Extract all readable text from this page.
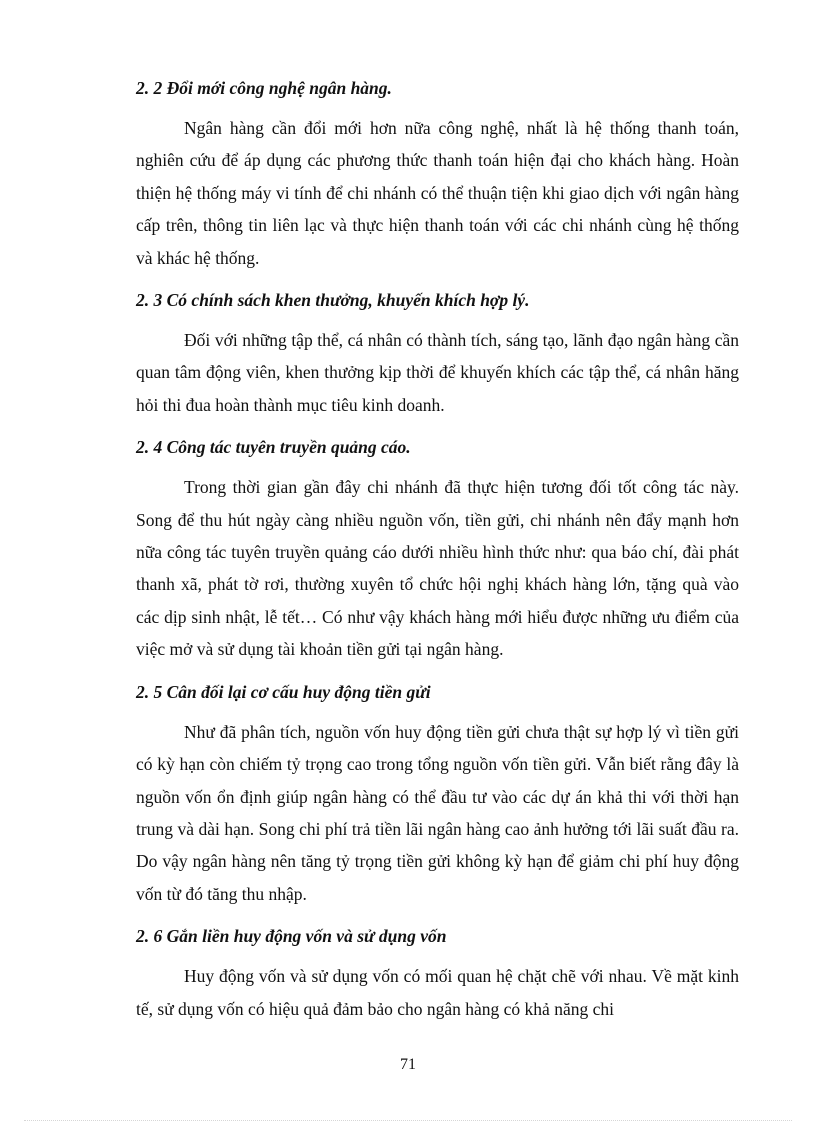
2. 2 Đổi mới công nghệ ngân hàng.

Ngân hàng cần đổi mới hơn nữa công nghệ, nhất là hệ thống thanh toán, nghiên cứu để áp dụng các phương thức thanh toán hiện đại cho khách hàng. Hoàn thiện hệ thống máy vi tính để chi nhánh có thể thuận tiện khi giao dịch với ngân hàng cấp trên, thông tin liên lạc và thực hiện thanh toán với các chi nhánh cùng hệ thống và khác hệ thống.

2. 3 Có chính sách khen thưởng, khuyến khích hợp lý.

Đối với những tập thể, cá nhân có thành tích, sáng tạo, lãnh đạo ngân hàng cần quan tâm động viên, khen thưởng kịp thời để khuyến khích các tập thể, cá nhân hăng hỏi thi đua hoàn thành mục tiêu kinh doanh.

2. 4 Công tác tuyên truyền quảng cáo.

Trong thời gian gần đây chi nhánh đã thực hiện tương đối tốt công tác này. Song để thu hút ngày càng nhiều nguồn vốn, tiền gửi, chi nhánh nên đẩy mạnh hơn nữa công tác tuyên truyền quảng cáo dưới nhiều hình thức như: qua báo chí, đài phát thanh xã, phát tờ rơi, thường xuyên tổ chức hội nghị khách hàng lớn, tặng quà vào các dịp sinh nhật, lễ tết… Có như vậy khách hàng mới hiểu được những ưu điểm của việc mở và sử dụng tài khoản tiền gửi tại ngân hàng.

2. 5 Cân đối lại cơ cấu huy động tiền gửi

Như đã phân tích, nguồn vốn huy động tiền gửi chưa thật sự hợp lý vì tiền gửi có kỳ hạn còn chiếm tỷ trọng cao trong tổng nguồn vốn tiền gửi. Vẫn biết rằng đây là nguồn vốn ổn định giúp ngân hàng có thể đầu tư vào các dự án khả thi với thời hạn trung và dài hạn. Song chi phí trả tiền lãi ngân hàng cao ảnh hưởng tới lãi suất đầu ra. Do vậy ngân hàng nên tăng tỷ trọng tiền gửi không kỳ hạn để giảm chi phí huy động vốn từ đó tăng thu nhập.

2. 6 Gắn liền huy động vốn và sử dụng vốn

Huy động vốn và sử dụng vốn có mối quan hệ chặt chẽ với nhau. Về mặt kinh tế, sử dụng vốn có hiệu quả đảm bảo cho ngân hàng có khả năng chi

71
